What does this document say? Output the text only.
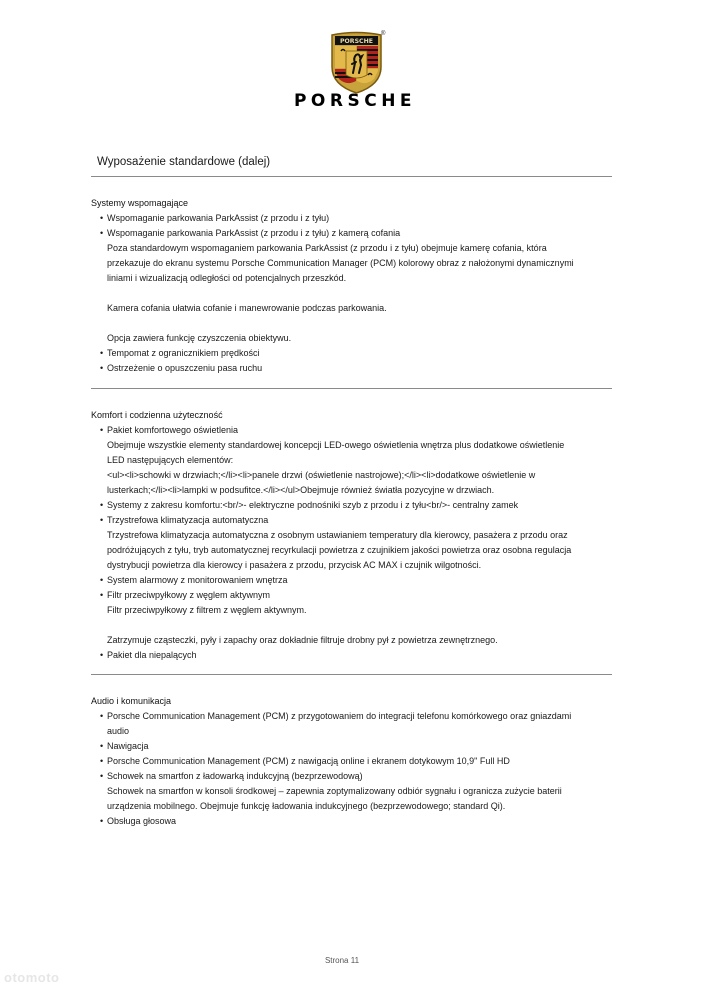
PORSCHE
®
PORSCHE
Wyposażenie standardowe (dalej)
Systemy wspomagające
• Wspomaganie parkowania ParkAssist (z przodu i z tyłu)
• Wspomaganie parkowania ParkAssist (z przodu i z tyłu) z kamerą cofania
Poza standardowym wspomaganiem parkowania ParkAssist (z przodu i z tyłu) obejmuje kamerę cofania, która
przekazuje do ekranu systemu Porsche Communication Manager (PCM) kolorowy obraz z nałożonymi dynamicznymi
liniami i wizualizacją odległości od potencjalnych przeszkód.
Kamera cofania ułatwia cofanie i manewrowanie podczas parkowania.
Opcja zawiera funkcję czyszczenia obiektywu.
• Tempomat z ogranicznikiem prędkości
• Ostrzeżenie o opuszczeniu pasa ruchu
Komfort i codzienna użyteczność
• Pakiet komfortowego oświetlenia
Obejmuje wszystkie elementy standardowej koncepcji LED-owego oświetlenia wnętrza plus dodatkowe oświetlenie
LED następujących elementów:
<ul><li>schowki w drzwiach;</li><li>panele drzwi (oświetlenie nastrojowe);</li><li>dodatkowe oświetlenie w
lusterkach;</li><li>lampki w podsufitce.</li></ul>Obejmuje również światła pozycyjne w drzwiach.
• Systemy z zakresu komfortu:<br/>- elektryczne podnośniki szyb z przodu i z tyłu<br/>- centralny zamek
• Trzystrefowa klimatyzacja automatyczna
Trzystrefowa klimatyzacja automatyczna z osobnym ustawianiem temperatury dla kierowcy, pasażera z przodu oraz
podróżujących z tyłu, tryb automatycznej recyrkulacji powietrza z czujnikiem jakości powietrza oraz osobna regulacja
dystrybucji powietrza dla kierowcy i pasażera z przodu, przycisk AC MAX i czujnik wilgotności.
• System alarmowy z monitorowaniem wnętrza
• Filtr przeciwpyłkowy z węglem aktywnym
Filtr przeciwpyłkowy z filtrem z węglem aktywnym.
Zatrzymuje cząsteczki, pyły i zapachy oraz dokładnie filtruje drobny pył z powietrza zewnętrznego.
• Pakiet dla niepalących
Audio i komunikacja
• Porsche Communication Management (PCM) z przygotowaniem do integracji telefonu komórkowego oraz gniazdami
audio
• Nawigacja
• Porsche Communication Management (PCM) z nawigacją online i ekranem dotykowym 10,9" Full HD
• Schowek na smartfon z ładowarką indukcyjną (bezprzewodową)
Schowek na smartfon w konsoli środkowej – zapewnia zoptymalizowany odbiór sygnału i ogranicza zużycie baterii
urządzenia mobilnego. Obejmuje funkcję ładowania indukcyjnego (bezprzewodowego; standard Qi).
• Obsługa głosowa
Strona 11
otomoto
